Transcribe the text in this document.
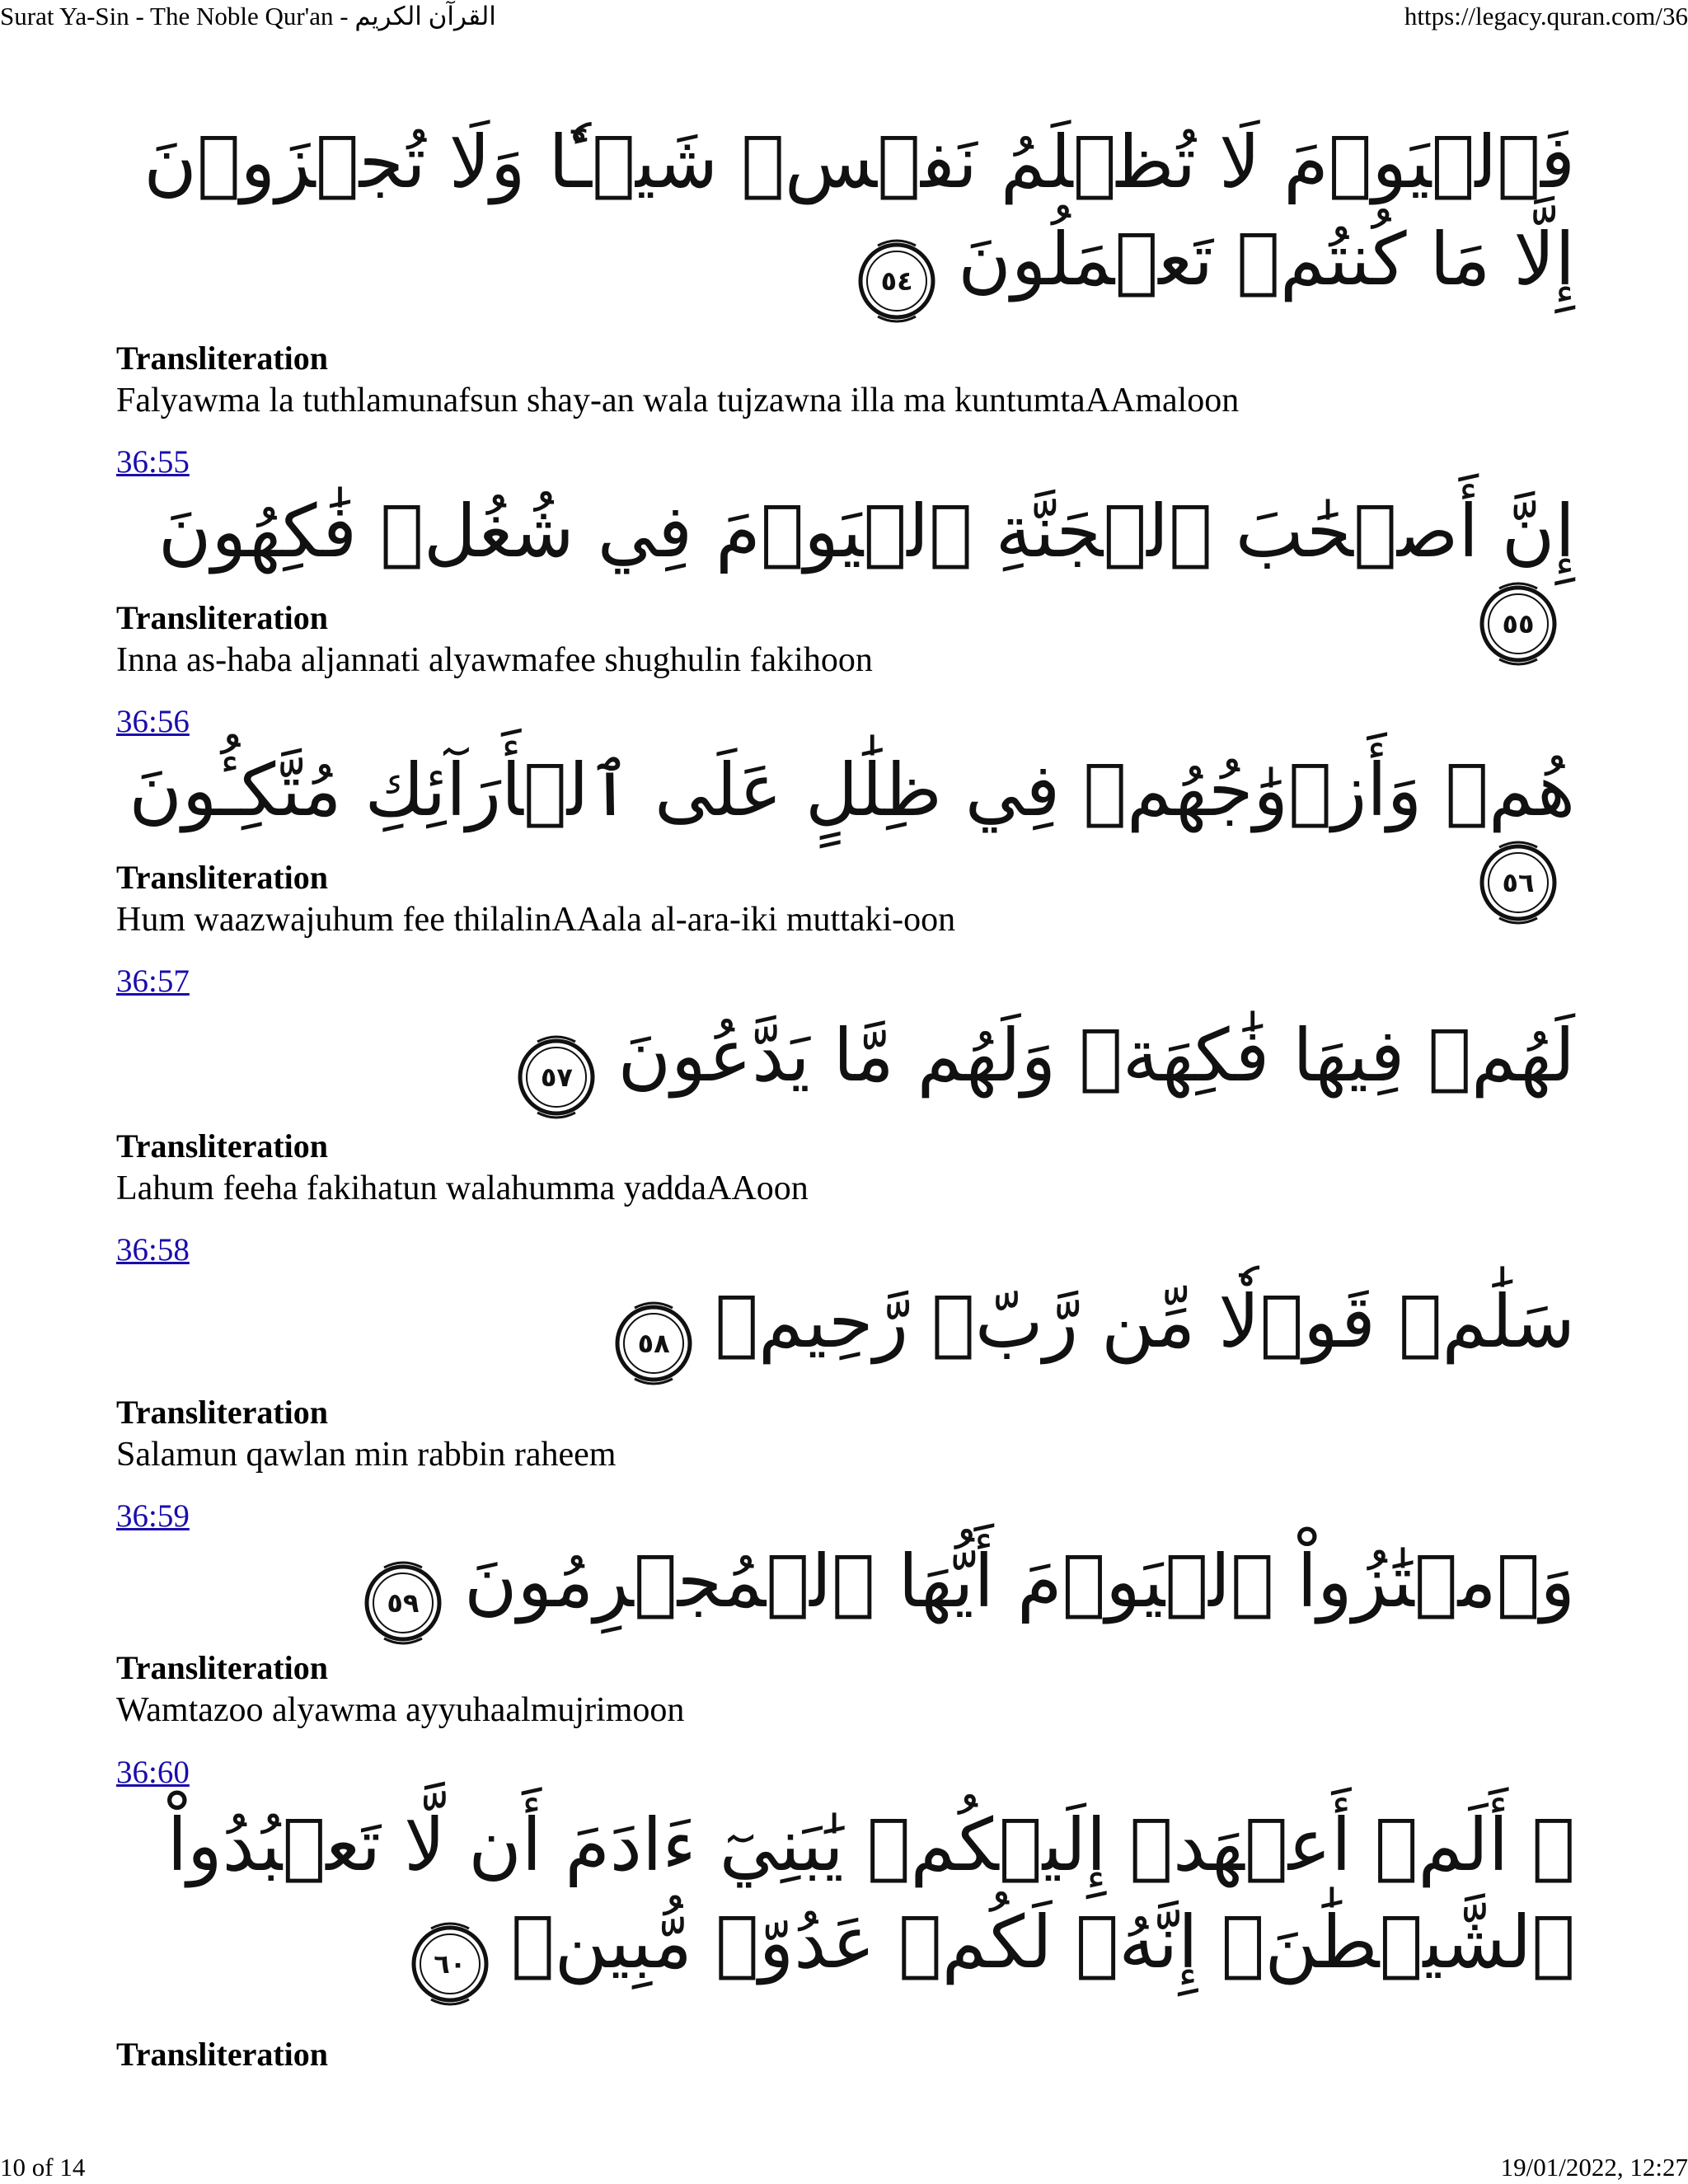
Surat Ya-Sin - The Noble Qur'an - القرآن الكريم	https://legacy.quran.com/36
فَٱلۡيَوۡمَ لَا تُظۡلَمُ نَفۡسٞ شَيۡـٔٗا وَلَا تُجۡزَوۡنَ إِلَّا مَا كُنتُمۡ تَعۡمَلُونَ
٥٤
Transliteration
Falyawma la tuthlamunafsun shay-an wala tujzawna illa ma kuntumtaAAmaloon
36:55
إِنَّ أَصۡحَٰبَ ٱلۡجَنَّةِ ٱلۡيَوۡمَ فِي شُغُلٖ فَٰكِهُونَ
٥٥
Transliteration
Inna as-haba aljannati alyawmafee shughulin fakihoon
36:56
هُمۡ وَأَزۡوَٰجُهُمۡ فِي ظِلَٰلٍ عَلَى ٱلۡأَرَآئِكِ مُتَّكِـُٔونَ
٥٦
Transliteration
Hum waazwajuhum fee thilalinAAala al-ara-iki muttaki-oon
36:57
لَهُمۡ فِيهَا فَٰكِهَةٞ وَلَهُم مَّا يَدَّعُونَ
٥٧
Transliteration
Lahum feeha fakihatun walahumma yaddaAAoon
36:58
سَلَٰمٞ قَوۡلٗا مِّن رَّبّٖ رَّحِيمٖ
٥٨
Transliteration
Salamun qawlan min rabbin raheem
36:59
وَٱمۡتَٰزُواْ ٱلۡيَوۡمَ أَيُّهَا ٱلۡمُجۡرِمُونَ
٥٩
Transliteration
Wamtazoo alyawma ayyuhaalmujrimoon
36:60
۞ أَلَمۡ أَعۡهَدۡ إِلَيۡكُمۡ يَٰبَنِيٓ ءَادَمَ أَن لَّا تَعۡبُدُواْ ٱلشَّيۡطَٰنَۖ إِنَّهُۥ لَكُمۡ عَدُوّٞ مُّبِينٞ
٦٠
Transliteration
10 of 14	19/01/2022, 12:27
